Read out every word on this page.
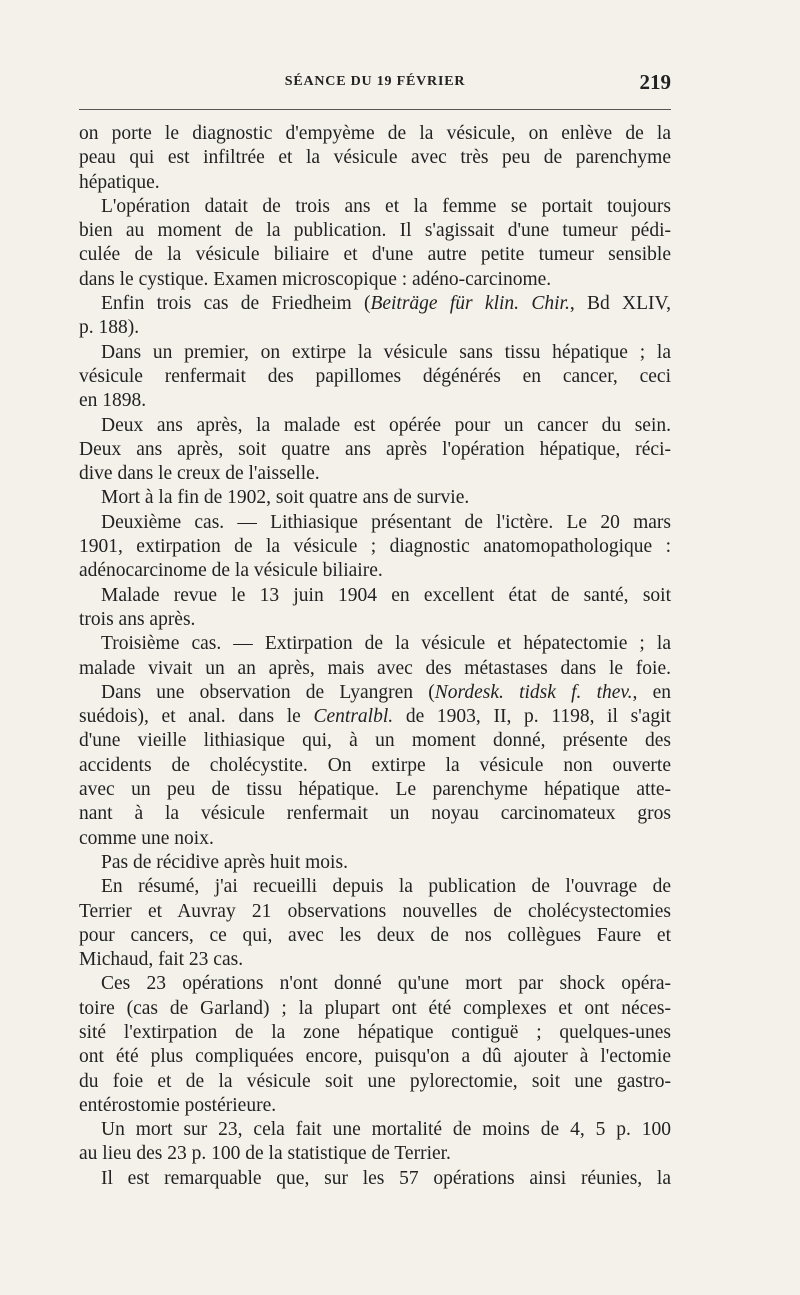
SÉANCE DU 19 FÉVRIER	219
on porte le diagnostic d'empyème de la vésicule, on enlève de la
peau qui est infiltrée et la vésicule avec très peu de parenchyme
hépatique.
L'opération datait de trois ans et la femme se portait toujours
bien au moment de la publication. Il s'agissait d'une tumeur pédi-
culée de la vésicule biliaire et d'une autre petite tumeur sensible
dans le cystique. Examen microscopique : adéno-carcinome.
Enfin trois cas de Friedheim (Beiträge für klin. Chir., Bd XLIV,
p. 188).
Dans un premier, on extirpe la vésicule sans tissu hépatique ; la
vésicule renfermait des papillomes dégénérés en cancer, ceci
en 1898.
Deux ans après, la malade est opérée pour un cancer du sein.
Deux ans après, soit quatre ans après l'opération hépatique, réci-
dive dans le creux de l'aisselle.
Mort à la fin de 1902, soit quatre ans de survie.
Deuxième cas. — Lithiasique présentant de l'ictère. Le 20 mars
1901, extirpation de la vésicule ; diagnostic anatomopathologique :
adénocarcinome de la vésicule biliaire.
Malade revue le 13 juin 1904 en excellent état de santé, soit
trois ans après.
Troisième cas. — Extirpation de la vésicule et hépatectomie ; la
malade vivait un an après, mais avec des métastases dans le foie.
Dans une observation de Lyangren (Nordesk. tidsk f. thev., en
suédois), et anal. dans le Centralbl. de 1903, II, p. 1198, il s'agit
d'une vieille lithiasique qui, à un moment donné, présente des
accidents de cholécystite. On extirpe la vésicule non ouverte
avec un peu de tissu hépatique. Le parenchyme hépatique atte-
nant à la vésicule renfermait un noyau carcinomateux gros
comme une noix.
Pas de récidive après huit mois.
En résumé, j'ai recueilli depuis la publication de l'ouvrage de
Terrier et Auvray 21 observations nouvelles de cholécystectomies
pour cancers, ce qui, avec les deux de nos collègues Faure et
Michaud, fait 23 cas.
Ces 23 opérations n'ont donné qu'une mort par shock opéra-
toire (cas de Garland) ; la plupart ont été complexes et ont néces-
sité l'extirpation de la zone hépatique contiguë ; quelques-unes
ont été plus compliquées encore, puisqu'on a dû ajouter à l'ectomie
du foie et de la vésicule soit une pylorectomie, soit une gastro-
entérostomie postérieure.
Un mort sur 23, cela fait une mortalité de moins de 4, 5 p. 100
au lieu des 23 p. 100 de la statistique de Terrier.
Il est remarquable que, sur les 57 opérations ainsi réunies, la
